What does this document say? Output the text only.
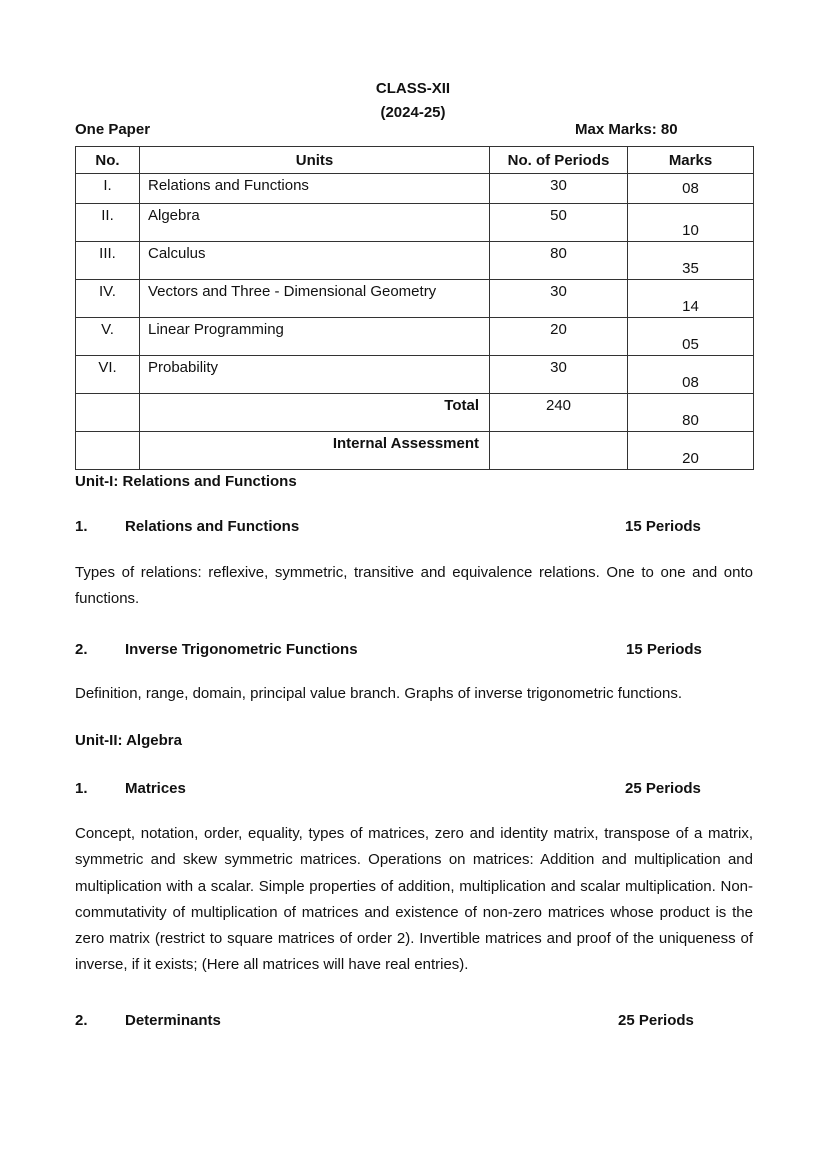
CLASS-XII
(2024-25)
One Paper	Max Marks: 80
No.	Units	No. of Periods	Marks
I.	Relations and Functions	30	08
II.	Algebra	50	10
III.	Calculus	80	35
IV.	Vectors and Three - Dimensional Geometry	30	14
V.	Linear Programming	20	05
VI.	Probability	30	08
	Total	240	80
	Internal Assessment		20
Unit-I: Relations and Functions
1. Relations and Functions	15 Periods
Types of relations: reflexive, symmetric, transitive and equivalence relations. One to one and onto functions.
2. Inverse Trigonometric Functions	15 Periods
Definition, range, domain, principal value branch. Graphs of inverse trigonometric functions.
Unit-II: Algebra
1. Matrices	25 Periods
Concept, notation, order, equality, types of matrices, zero and identity matrix, transpose of a matrix, symmetric and skew symmetric matrices. Operations on matrices: Addition and multiplication and multiplication with a scalar. Simple properties of addition, multiplication and scalar multiplication. Non-commutativity of multiplication of matrices and existence of non-zero matrices whose product is the zero matrix (restrict to square matrices of order 2). Invertible matrices and proof of the uniqueness of inverse, if it exists; (Here all matrices will have real entries).
2. Determinants	25 Periods
